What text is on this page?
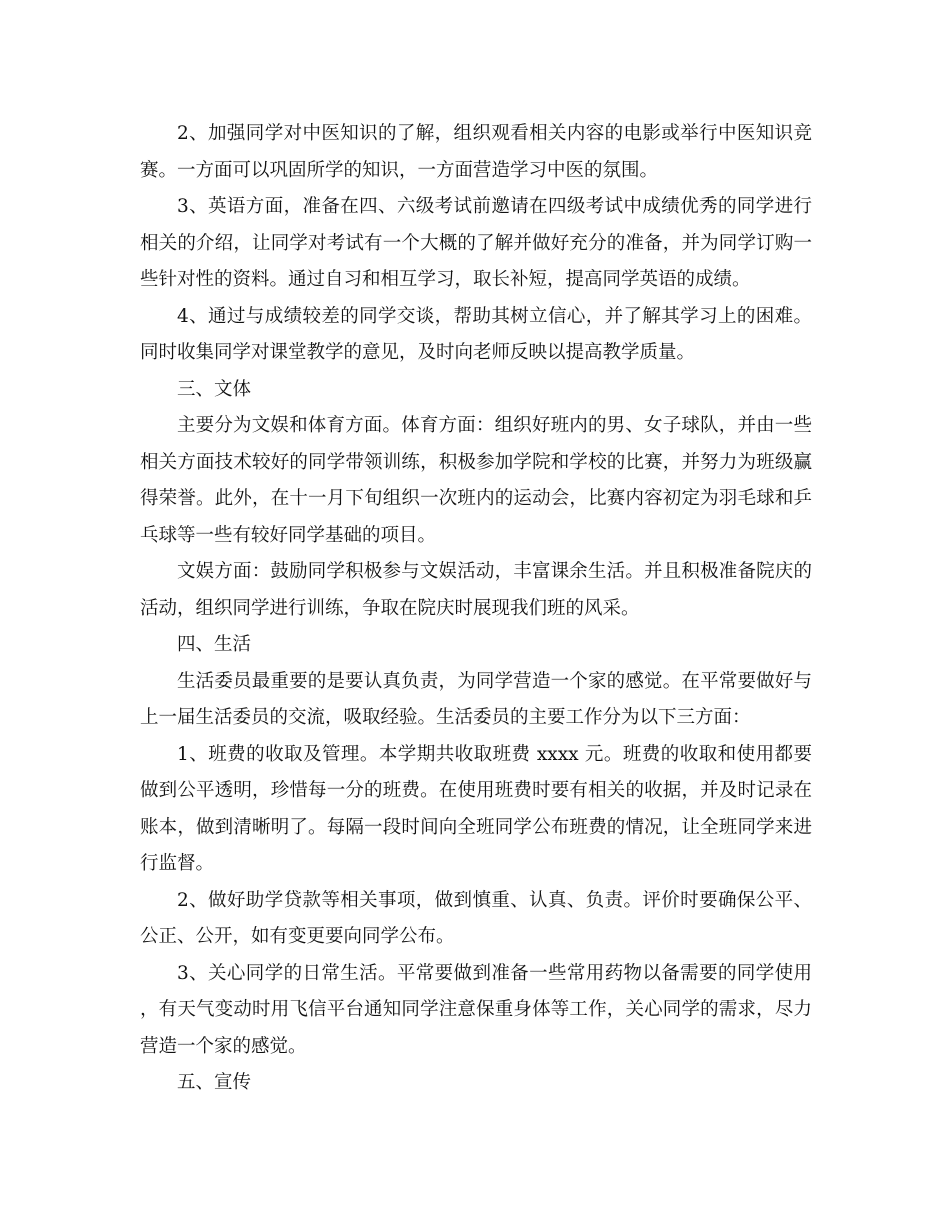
2、加强同学对中医知识的了解，组织观看相关内容的电影或举行中医知识竞赛。一方面可以巩固所学的知识，一方面营造学习中医的氛围。

3、英语方面，准备在四、六级考试前邀请在四级考试中成绩优秀的同学进行相关的介绍，让同学对考试有一个大概的了解并做好充分的准备，并为同学订购一些针对性的资料。通过自习和相互学习，取长补短，提高同学英语的成绩。

4、通过与成绩较差的同学交谈，帮助其树立信心，并了解其学习上的困难。同时收集同学对课堂教学的意见，及时向老师反映以提高教学质量。

三、文体

主要分为文娱和体育方面。体育方面：组织好班内的男、女子球队，并由一些相关方面技术较好的同学带领训练，积极参加学院和学校的比赛，并努力为班级赢得荣誉。此外，在十一月下旬组织一次班内的运动会，比赛内容初定为羽毛球和乒乓球等一些有较好同学基础的项目。

文娱方面：鼓励同学积极参与文娱活动，丰富课余生活。并且积极准备院庆的活动，组织同学进行训练，争取在院庆时展现我们班的风采。

四、生活

生活委员最重要的是要认真负责，为同学营造一个家的感觉。在平常要做好与上一届生活委员的交流，吸取经验。生活委员的主要工作分为以下三方面：

1、班费的收取及管理。本学期共收取班费 xxxx 元。班费的收取和使用都要做到公平透明，珍惜每一分的班费。在使用班费时要有相关的收据，并及时记录在账本，做到清晰明了。每隔一段时间向全班同学公布班费的情况，让全班同学来进行监督。

2、做好助学贷款等相关事项，做到慎重、认真、负责。评价时要确保公平、公正、公开，如有变更要向同学公布。

3、关心同学的日常生活。平常要做到准备一些常用药物以备需要的同学使用，有天气变动时用飞信平台通知同学注意保重身体等工作，关心同学的需求，尽力营造一个家的感觉。

五、宣传
